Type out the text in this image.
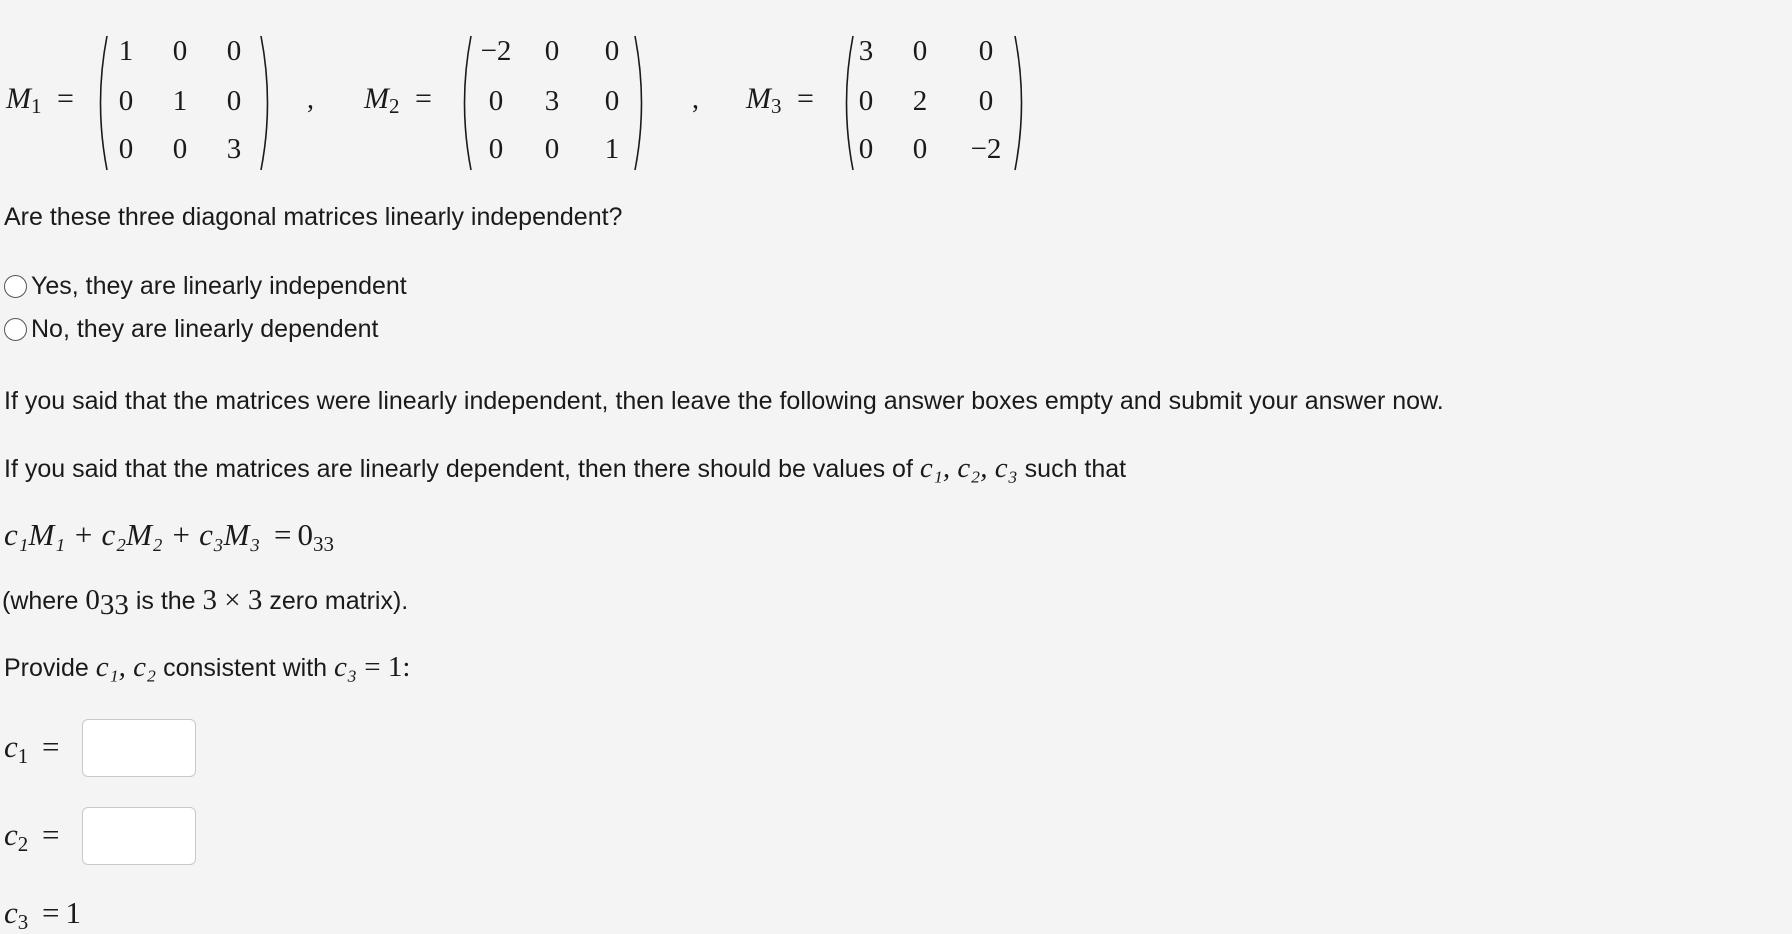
$M_1$ =
1	0	0
0	1	0
0	0	3
, $M_2$ =
−2	0	0
0	3	0
0	0	1
, $M_3$ =
3	0	0
0	2	0
0	0	−2
Are these three diagonal matrices linearly independent?
Yes, they are linearly independent
No, they are linearly dependent
If you said that the matrices were linearly independent, then leave the following answer boxes empty and submit your answer now.
If you said that the matrices are linearly dependent, then there should be values of c₁, c₂, c₃ such that
$c_1M_1 + c_2M_2 + c_3M_3 = 0_{33}$
(where $0_{33}$ is the 3 × 3 zero matrix).
Provide c₁, c₂ consistent with c₃ = 1:
$c_1$ =
$c_2$ =
$c_3 = 1$
